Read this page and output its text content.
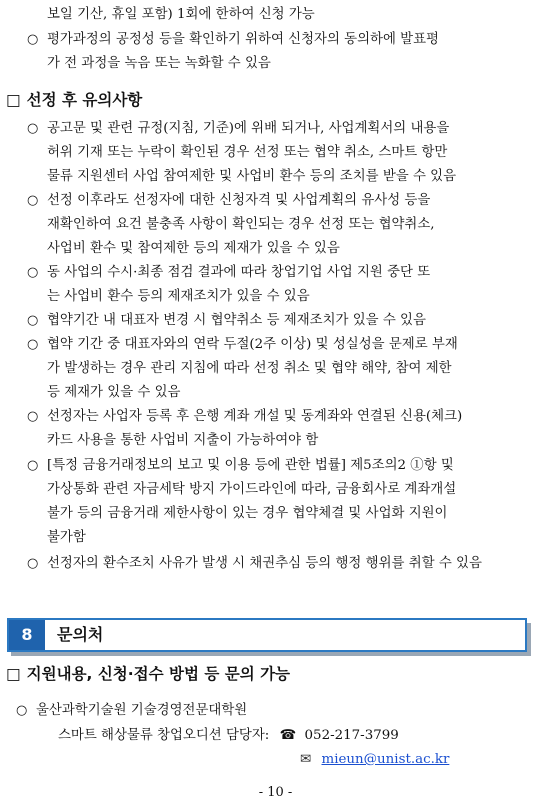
보일 기산, 휴일 포함) 1회에 한하여 신청 가능
○ 평가과정의 공정성 등을 확인하기 위하여 신청자의 동의하에 발표평
가 전 과정을 녹음 또는 녹화할 수 있음
□ 선정 후 유의사항
○ 공고문 및 관련 규정(지침, 기준)에 위배 되거나, 사업계획서의 내용을
허위 기재 또는 누락이 확인된 경우 선정 또는 협약 취소, 스마트 항만
물류 지원센터 사업 참여제한 및 사업비 환수 등의 조치를 받을 수 있음
○ 선정 이후라도 선정자에 대한 신청자격 및 사업계획의 유사성 등을
재확인하여 요건 불충족 사항이 확인되는 경우 선정 또는 협약취소,
사업비 환수 및 참여제한 등의 제재가 있을 수 있음
○ 동 사업의 수시·최종 점검 결과에 따라 창업기업 사업 지원 중단 또
는 사업비 환수 등의 제재조치가 있을 수 있음
○ 협약기간 내 대표자 변경 시 협약취소 등 제재조치가 있을 수 있음
○ 협약 기간 중 대표자와의 연락 두절(2주 이상) 및 성실성을 문제로 부재
가 발생하는 경우 관리 지침에 따라 선정 취소 및 협약 해약, 참여 제한
등 제재가 있을 수 있음
○ 선정자는 사업자 등록 후 은행 계좌 개설 및 동계좌와 연결된 신용(체크)
카드 사용을 통한 사업비 지출이 가능하여야 함
○ [특정 금융거래정보의 보고 및 이용 등에 관한 법률] 제5조의2 ①항 및
가상통화 관련 자금세탁 방지 가이드라인에 따라, 금융회사로 계좌개설
불가 등의 금융거래 제한사항이 있는 경우 협약체결 및 사업화 지원이
불가함
○ 선정자의 환수조치 사유가 발생 시 채권추심 등의 행정 행위를 취할 수 있음
8	문의처
□ 지원내용, 신청·접수 방법 등 문의 가능
○ 울산과학기술원 기술경영전문대학원
스마트 해상물류 창업오디션 담당자: ☎ 052-217-3799
✉ mieun@unist.ac.kr
- 10 -
